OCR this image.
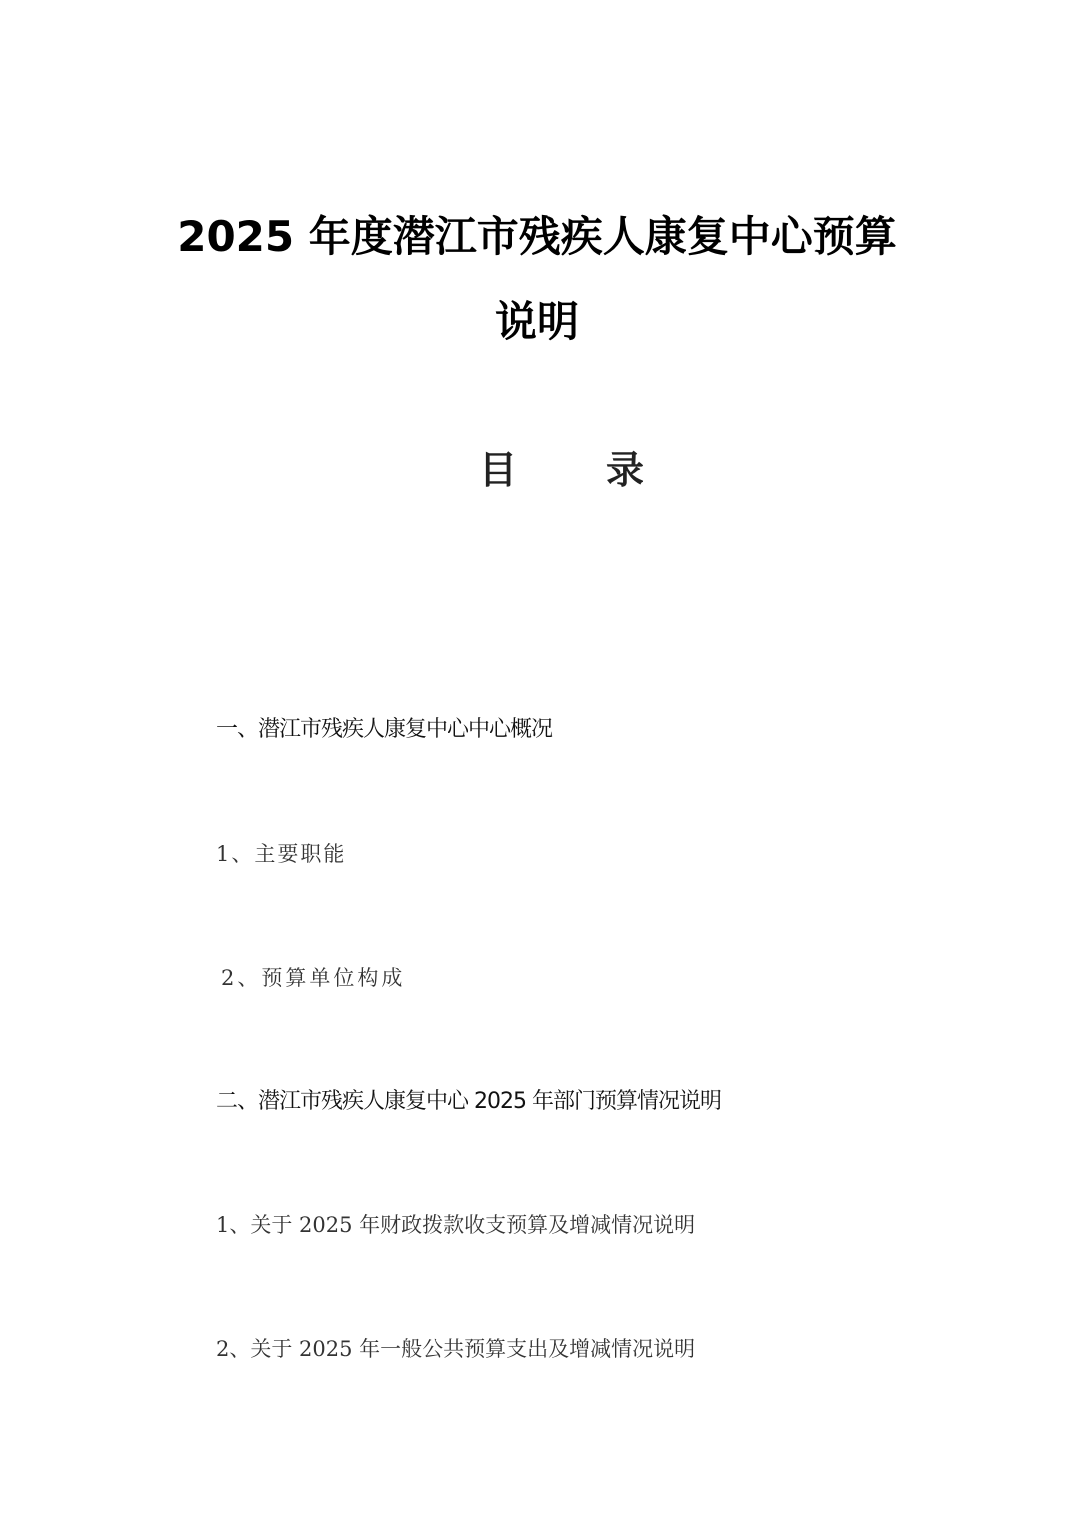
2025 年度潜江市残疾人康复中心预算
说明
目 录
一、潜江市残疾人康复中心中心概况
1、主要职能
2、预算单位构成
二、潜江市残疾人康复中心 2025 年部门预算情况说明
1、关于 2025 年财政拨款收支预算及增减情况说明
2、关于 2025 年一般公共预算支出及增减情况说明
